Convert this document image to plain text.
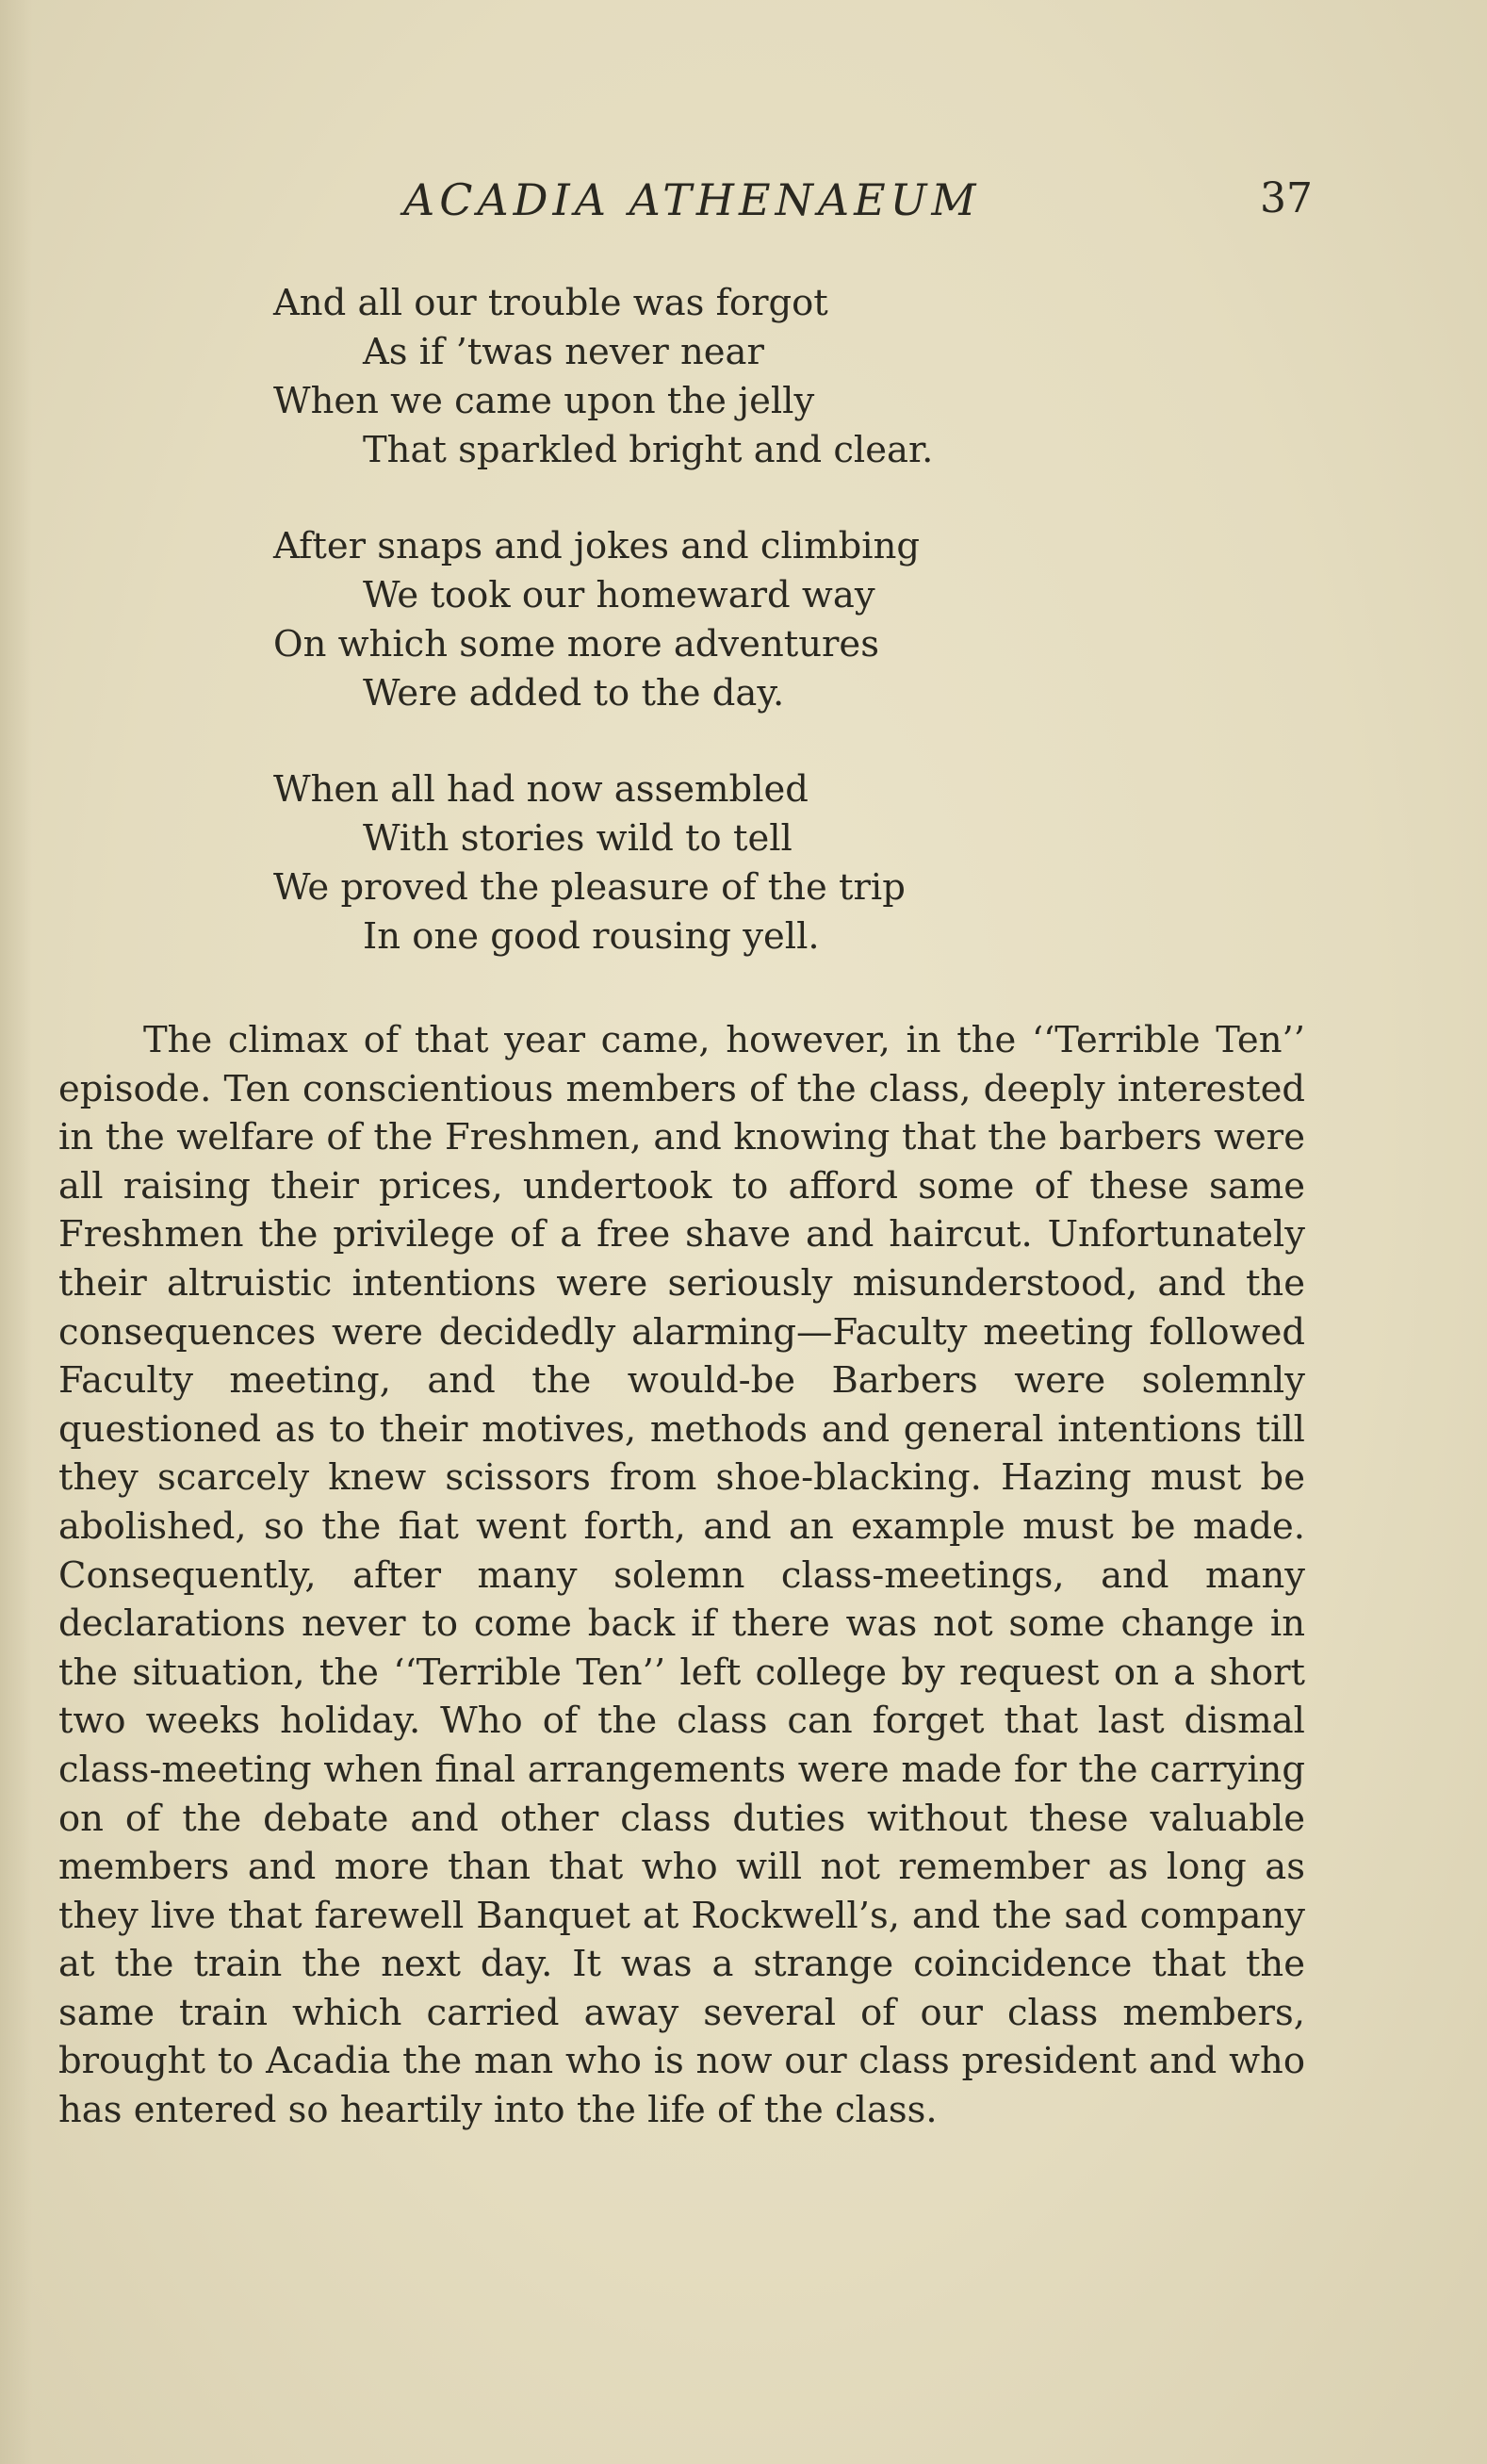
ACADIA ATHENAEUM	37
And all our trouble was forgot
As if ’twas never near
When we came upon the jelly
That sparkled bright and clear.
After snaps and jokes and climbing
We took our homeward way
On which some more adventures
Were added to the day.
When all had now assembled
With stories wild to tell
We proved the pleasure of the trip
In one good rousing yell.

The climax of that year came, however, in the ‘‘Terrible Ten’’ episode. Ten conscientious members of the class, deeply interested in the welfare of the Freshmen, and knowing that the barbers were all raising their prices, undertook to afford some of these same Freshmen the privilege of a free shave and haircut. Unfortunately their altruistic intentions were seriously misunderstood, and the consequences were decidedly alarming—Faculty meeting followed Faculty meeting, and the would-be Barbers were solemnly questioned as to their motives, methods and general intentions till they scarcely knew scissors from shoe-blacking. Hazing must be abolished, so the fiat went forth, and an example must be made. Consequently, after many solemn class-meetings, and many declarations never to come back if there was not some change in the situation, the ‘‘Terrible Ten’’ left college by request on a short two weeks holiday. Who of the class can forget that last dismal class-meeting when final arrangements were made for the carrying on of the debate and other class duties without these valuable members and more than that who will not remember as long as they live that farewell Banquet at Rockwell’s, and the sad company at the train the next day. It was a strange coincidence that the same train which carried away several of our class members, brought to Acadia the man who is now our class president and who has entered so heartily into the life of the class.
